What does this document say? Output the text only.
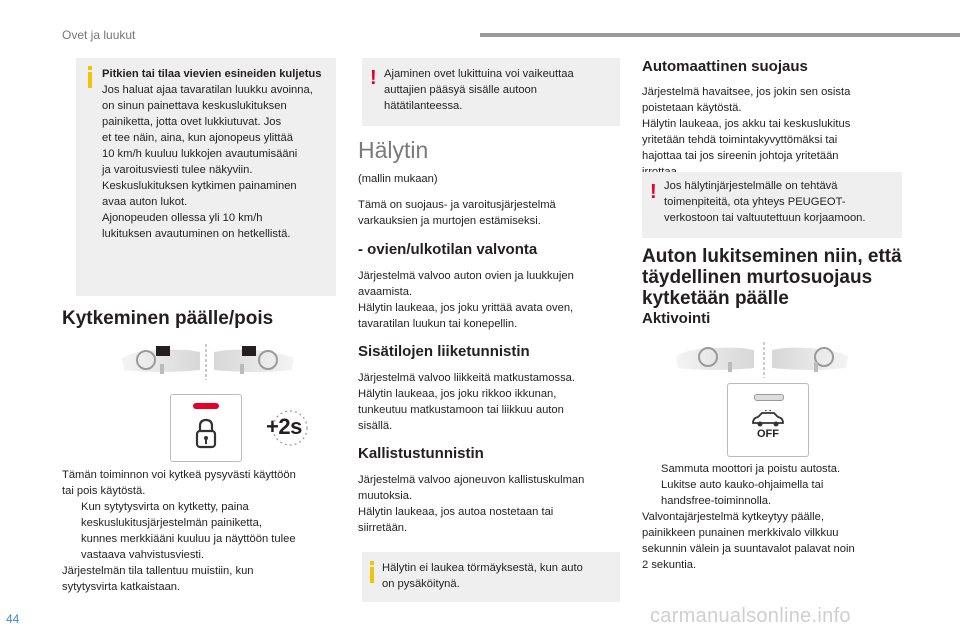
Ovet ja luukut
Pitkien tai tilaa vievien esineiden kuljetus
Jos haluat ajaa tavaratilan luukku avoinna,
on sinun painettava keskuslukituksen
painiketta, jotta ovet lukkiutuvat. Jos
et tee näin, aina, kun ajonopeus ylittää
10 km/h kuuluu lukkojen avautumisääni
ja varoitusviesti tulee näkyviin.
Keskuslukituksen kytkimen painaminen
avaa auton lukot.
Ajonopeuden ollessa yli 10 km/h
lukituksen avautuminen on hetkellistä.
Kytkeminen päälle/pois
+2s
Tämän toiminnon voi kytkeä pysyvästi käyttöön
tai pois käytöstä.
Kun sytytysvirta on kytketty, paina
keskuslukitusjärjestelmän painiketta,
kunnes merkkiääni kuuluu ja näyttöön tulee
vastaava vahvistusviesti.
Järjestelmän tila tallentuu muistiin, kun
sytytysvirta katkaistaan.
! Ajaminen ovet lukittuina voi vaikeuttaa
auttajien pääsyä sisälle autoon
hätätilanteessa.
Hälytin
(mallin mukaan)
Tämä on suojaus- ja varoitusjärjestelmä
varkauksien ja murtojen estämiseksi.
- ovien/ulkotilan valvonta
Järjestelmä valvoo auton ovien ja luukkujen
avaamista.
Hälytin laukeaa, jos joku yrittää avata oven,
tavaratilan luukun tai konepellin.
Sisätilojen liiketunnistin
Järjestelmä valvoo liikkeitä matkustamossa.
Hälytin laukeaa, jos joku rikkoo ikkunan,
tunkeutuu matkustamoon tai liikkuu auton
sisällä.
Kallistustunnistin
Järjestelmä valvoo ajoneuvon kallistuskulman
muutoksia.
Hälytin laukeaa, jos autoa nostetaan tai
siirretään.
Hälytin ei laukea törmäyksestä, kun auto
on pysäköitynä.
Automaattinen suojaus
Järjestelmä havaitsee, jos jokin sen osista
poistetaan käytöstä.
Hälytin laukeaa, jos akku tai keskuslukitus
yritetään tehdä toimintakyvyttömäksi tai
hajottaa tai jos sireenin johtoja yritetään
! Jos hälytinjärjestelmälle on tehtävä
toimenpiteitä, ota yhteys PEUGEOT-
verkostoon tai valtuutettuun korjaamoon.
Auton lukitseminen niin, että
täydellinen murtosuojaus
kytketään päälle
Aktivointi
OFF
Sammuta moottori ja poistu autosta.
Lukitse auto kauko-ohjaimella tai
handsfree-toiminnolla.
Valvontajärjestelmä kytkeytyy päälle,
painikkeen punainen merkkivalo vilkkuu
sekunnin välein ja suuntavalot palavat noin
2 sekuntia.
44	carmanualsonline.info
